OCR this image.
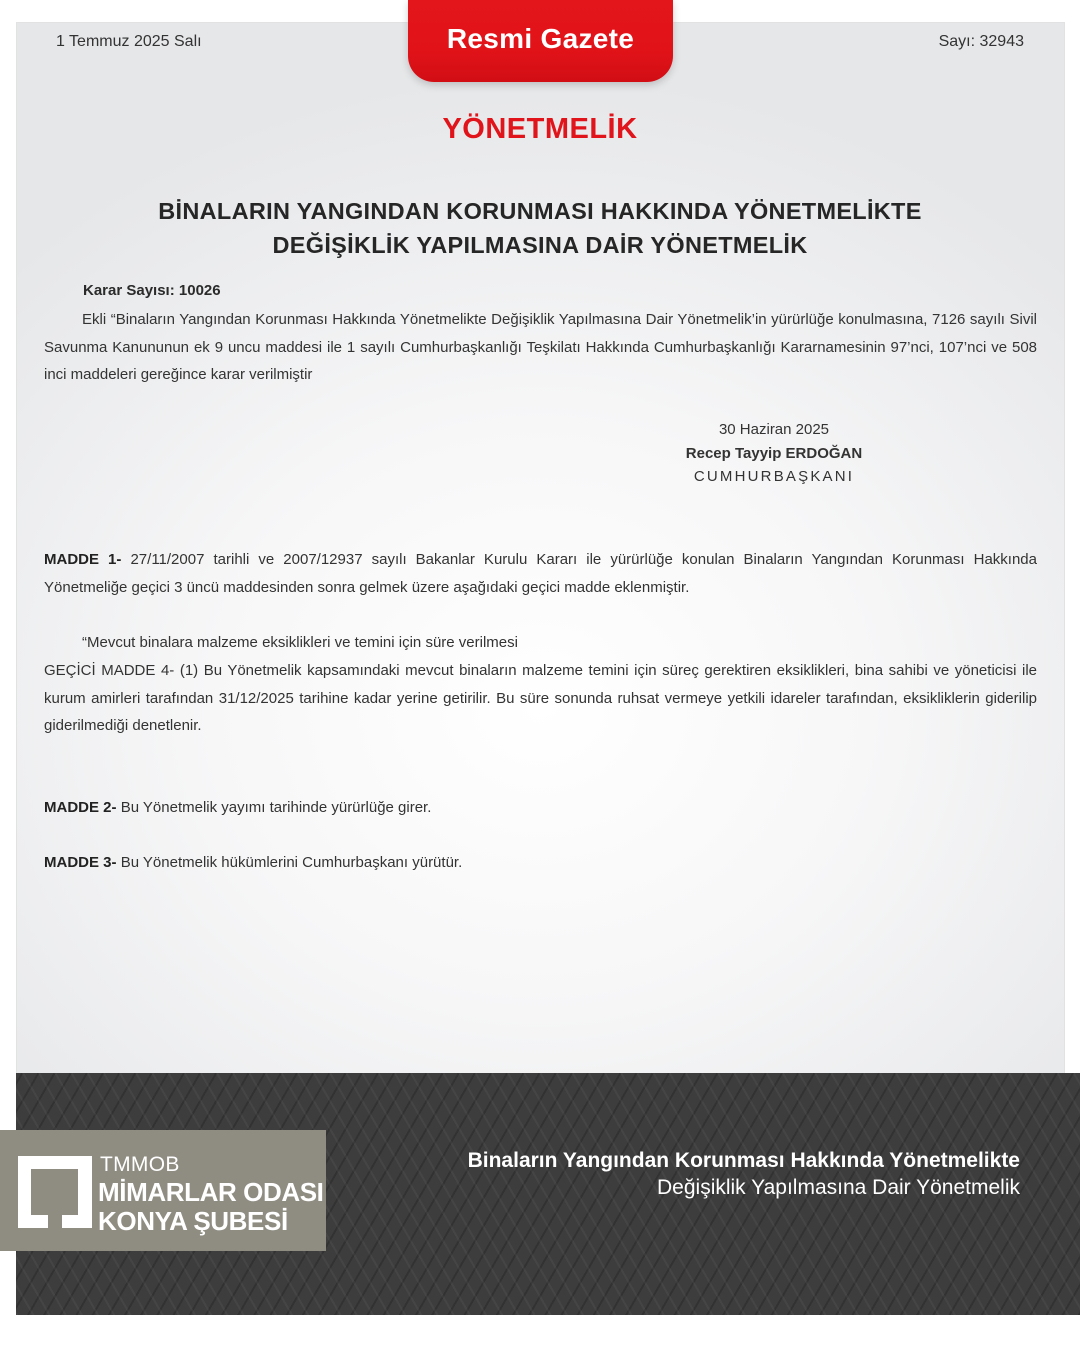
1 Temmuz 2025 Salı	Resmi Gazete	Sayı: 32943
YÖNETMELİK
BİNALARIN YANGINDAN KORUNMASI HAKKINDA YÖNETMELİKTE
DEĞİŞİKLİK YAPILMASINA DAİR YÖNETMELİK
Karar Sayısı: 10026
Ekli “Binaların Yangından Korunması Hakkında Yönetmelikte Değişiklik Yapılmasına Dair Yönetmelik’in yürürlüğe konulmasına, 7126 sayılı Sivil Savunma Kanununun ek 9 uncu maddesi ile 1 sayılı Cumhurbaşkanlığı Teşkilatı Hakkında Cumhurbaşkanlığı Kararnamesinin 97’nci, 107’nci ve 508 inci maddeleri gereğince karar verilmiştir
30 Haziran 2025
Recep Tayyip ERDOĞAN
CUMHURBAŞKANI
MADDE 1- 27/11/2007 tarihli ve 2007/12937 sayılı Bakanlar Kurulu Kararı ile yürürlüğe konulan Binaların Yangından Korunması Hakkında Yönetmeliğe geçici 3 üncü maddesinden sonra gelmek üzere aşağıdaki geçici madde eklenmiştir.
“Mevcut binalara malzeme eksiklikleri ve temini için süre verilmesi
GEÇİCİ MADDE 4- (1) Bu Yönetmelik kapsamındaki mevcut binaların malzeme temini için süreç gerektiren eksiklikleri, bina sahibi ve yöneticisi ile kurum amirleri tarafından 31/12/2025 tarihine kadar yerine getirilir. Bu süre sonunda ruhsat vermeye yetkili idareler tarafından, eksikliklerin giderilip giderilmediği denetlenir.
MADDE 2- Bu Yönetmelik yayımı tarihinde yürürlüğe girer.
MADDE 3- Bu Yönetmelik hükümlerini Cumhurbaşkanı yürütür.
TMMOB
MİMARLAR ODASI
KONYA ŞUBESİ
Binaların Yangından Korunması Hakkında Yönetmelikte
Değişiklik Yapılmasına Dair Yönetmelik
